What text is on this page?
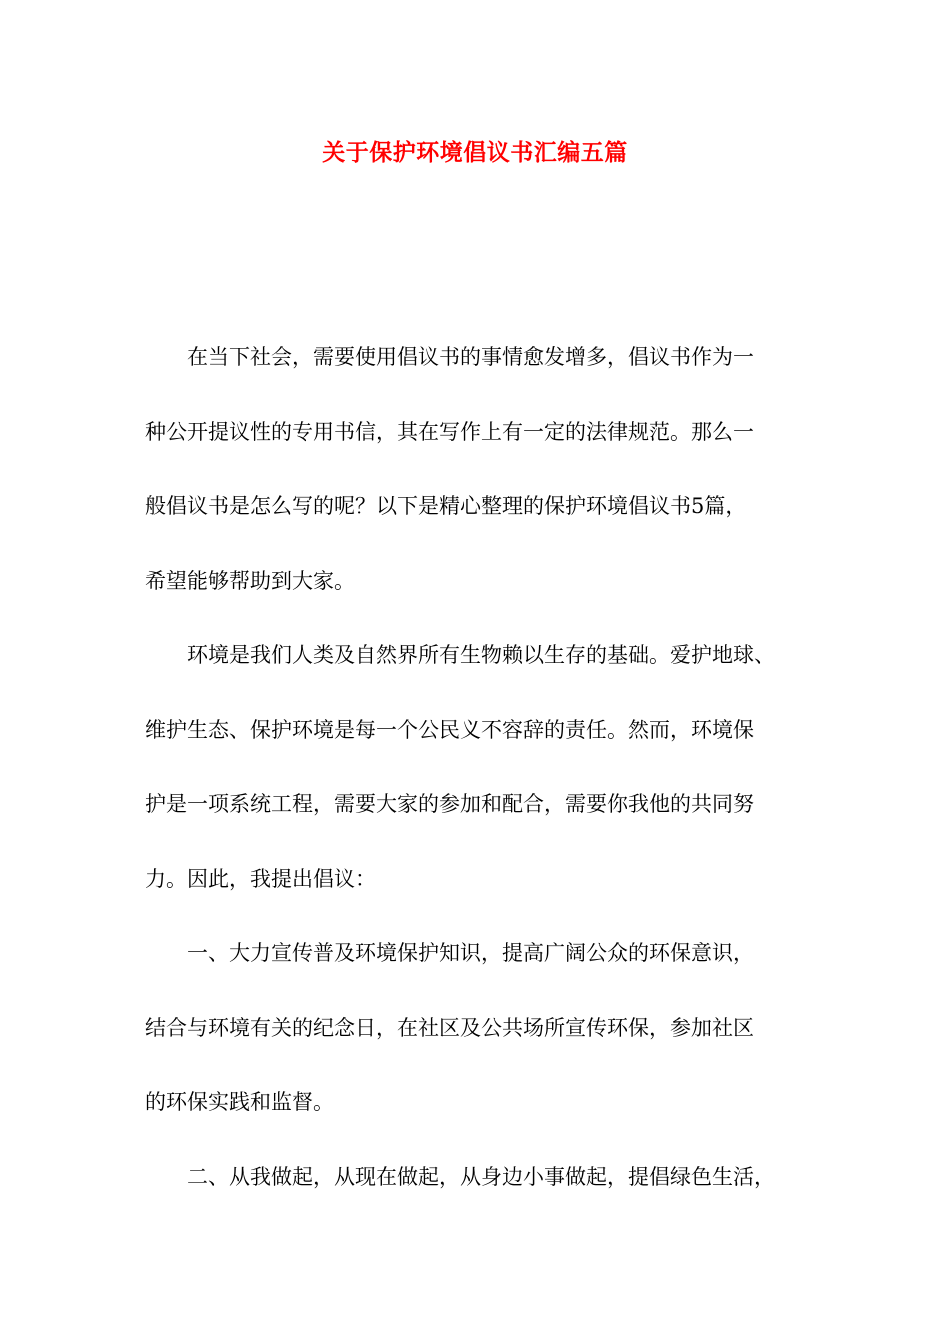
关于保护环境倡议书汇编五篇

在当下社会，需要使用倡议书的事情愈发增多，倡议书作为一
种公开提议性的专用书信，其在写作上有一定的法律规范。那么一
般倡议书是怎么写的呢？以下是精心整理的保护环境倡议书5篇，
希望能够帮助到大家。

环境是我们人类及自然界所有生物赖以生存的基础。爱护地球、
维护生态、保护环境是每一个公民义不容辞的责任。然而，环境保
护是一项系统工程，需要大家的参加和配合，需要你我他的共同努
力。因此，我提出倡议：

一、大力宣传普及环境保护知识，提高广阔公众的环保意识，
结合与环境有关的纪念日，在社区及公共场所宣传环保，参加社区
的环保实践和监督。

二、从我做起，从现在做起，从身边小事做起，提倡绿色生活，
